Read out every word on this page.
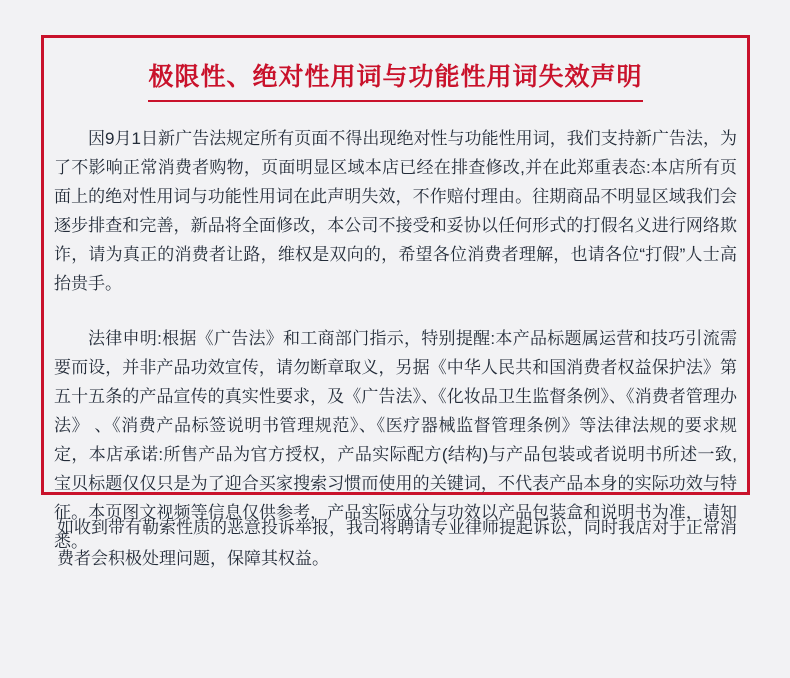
极限性、绝对性用词与功能性用词失效声明

因9月1日新广告法规定所有页面不得出现绝对性与功能性用词，我们支持新广告法，为了不影响正常消费者购物，页面明显区域本店已经在排查修改,并在此郑重表态:本店所有页面上的绝对性用词与功能性用词在此声明失效，不作赔付理由。往期商品不明显区域我们会逐步排查和完善，新品将全面修改，本公司不接受和妥协以任何形式的打假名义进行网络欺诈，请为真正的消费者让路，维权是双向的，希望各位消费者理解，也请各位“打假”人士高抬贵手。

法律申明:根据《广告法》和工商部门指示，特别提醒:本产品标题属运营和技巧引流需要而设，并非产品功效宣传，请勿断章取义，另据《中华人民共和国消费者权益保护法》第五十五条的产品宣传的真实性要求，及《广告法》、《化妆品卫生监督条例》、《消费者管理办法》 、《消费产品标签说明书管理规范》、《医疗器械监督管理条例》等法律法规的要求规定，本店承诺:所售产品为官方授权，产品实际配方(结构)与产品包装或者说明书所述一致,宝贝标题仅仅只是为了迎合买家搜索习惯而使用的关键词，不代表产品本身的实际功效与特征。本页图文视频等信息仅供参考，产品实际成分与功效以产品包装盒和说明书为准，请知悉。

如收到带有勒索性质的恶意投诉举报，我司将聘请专业律师提起诉讼，同时我店对于正常消费者会积极处理问题，保障其权益。
